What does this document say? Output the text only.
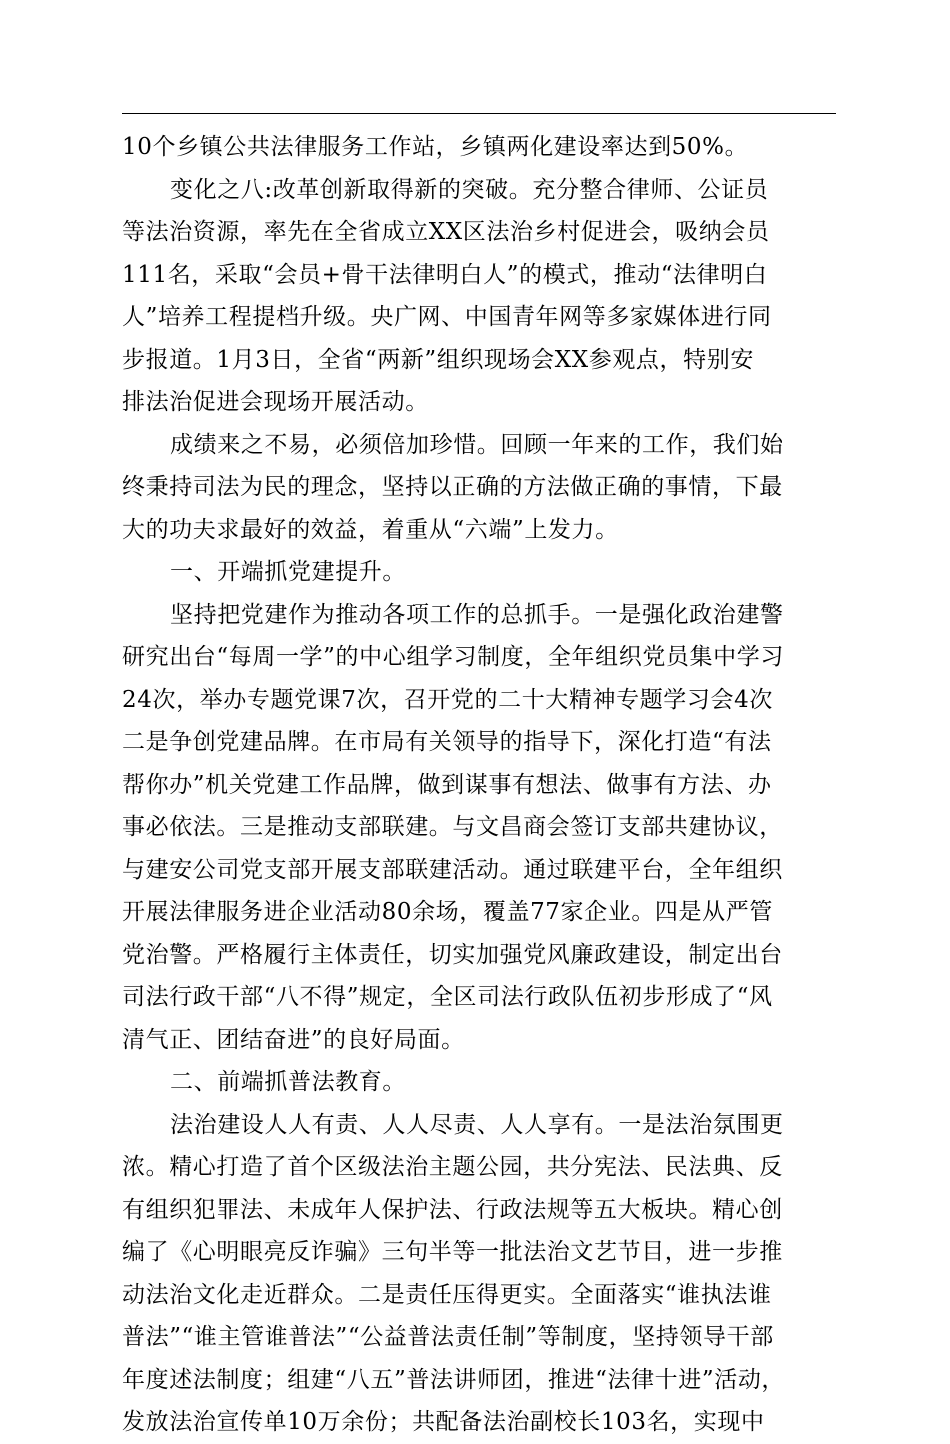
10个乡镇公共法律服务工作站，乡镇两化建设率达到50%。
变化之八:改革创新取得新的突破。充分整合律师、公证员
等法治资源，率先在全省成立XX区法治乡村促进会，吸纳会员
111名，采取“会员+骨干法律明白人”的模式，推动“法律明白
人”培养工程提档升级。央广网、中国青年网等多家媒体进行同
步报道。1月3日，全省“两新”组织现场会XX参观点，特别安
排法治促进会现场开展活动。
成绩来之不易，必须倍加珍惜。回顾一年来的工作，我们始
终秉持司法为民的理念，坚持以正确的方法做正确的事情，下最
大的功夫求最好的效益，着重从“六端”上发力。
一、开端抓党建提升。
坚持把党建作为推动各项工作的总抓手。一是强化政治建警
研究出台“每周一学”的中心组学习制度，全年组织党员集中学习
24次，举办专题党课7次，召开党的二十大精神专题学习会4次
二是争创党建品牌。在市局有关领导的指导下，深化打造“有法
帮你办”机关党建工作品牌，做到谋事有想法、做事有方法、办
事必依法。三是推动支部联建。与文昌商会签订支部共建协议，
与建安公司党支部开展支部联建活动。通过联建平台，全年组织
开展法律服务进企业活动80余场，覆盖77家企业。四是从严管
党治警。严格履行主体责任，切实加强党风廉政建设，制定出台
司法行政干部“八不得”规定，全区司法行政队伍初步形成了“风
清气正、团结奋进”的良好局面。
二、前端抓普法教育。
法治建设人人有责、人人尽责、人人享有。一是法治氛围更
浓。精心打造了首个区级法治主题公园，共分宪法、民法典、反
有组织犯罪法、未成年人保护法、行政法规等五大板块。精心创
编了《心明眼亮反诈骗》三句半等一批法治文艺节目，进一步推
动法治文化走近群众。二是责任压得更实。全面落实“谁执法谁
普法”“谁主管谁普法”“公益普法责任制”等制度，坚持领导干部
年度述法制度；组建“八五”普法讲师团，推进“法律十进”活动，
发放法治宣传单10万余份；共配备法治副校长103名，实现中
